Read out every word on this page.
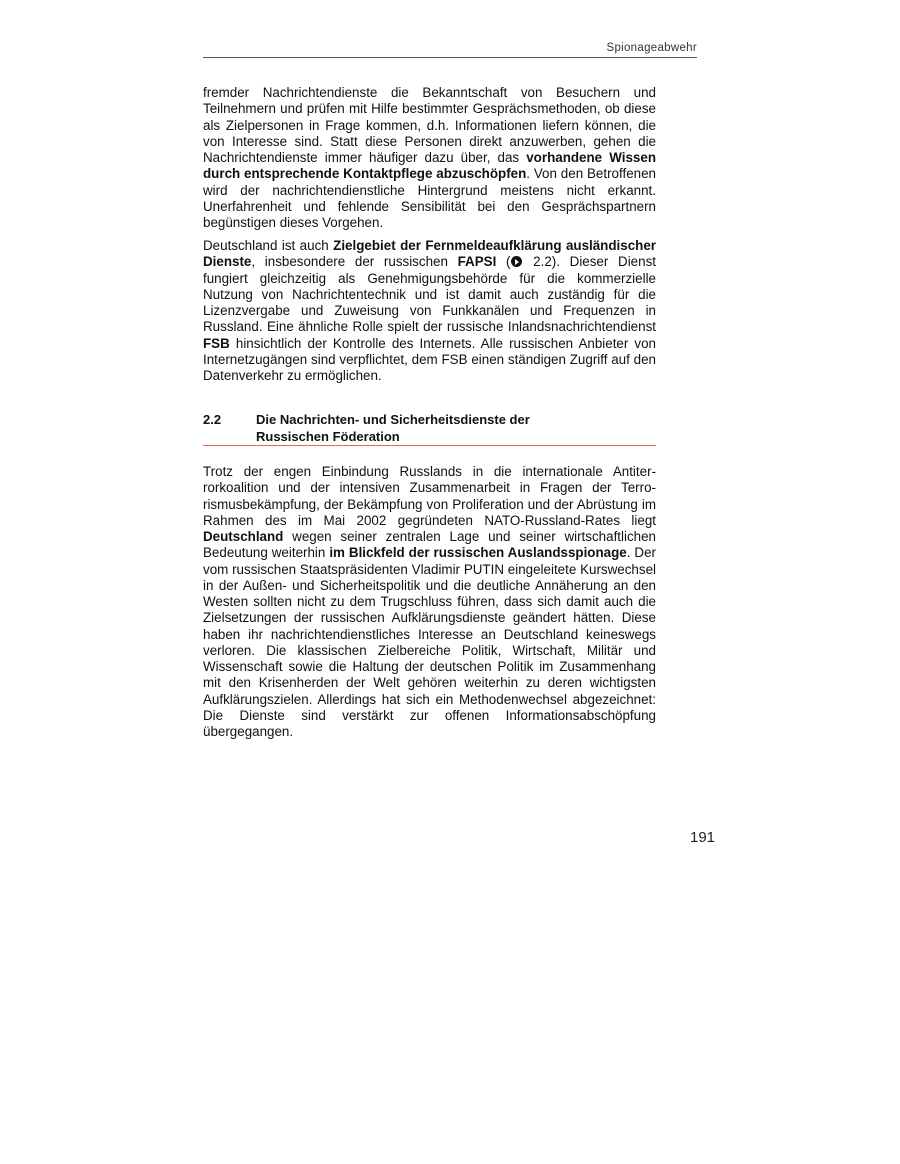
Spionageabwehr

fremder Nachrichtendienste die Bekanntschaft von Besuchern und Teilnehmern und prüfen mit Hilfe bestimmter Gesprächsmethoden, ob diese als Zielpersonen in Frage kommen, d.h. Informationen liefern können, die von Interesse sind. Statt diese Personen direkt anzuwerben, gehen die Nachrichtendienste immer häufiger dazu über, das vorhandene Wissen durch entsprechende Kontaktpflege abzuschöpfen. Von den Betroffenen wird der nachrichtendienstliche Hintergrund meistens nicht erkannt. Unerfahrenheit und fehlende Sensibilität bei den Gesprächspartnern begünstigen dieses Vorgehen.

Deutschland ist auch Zielgebiet der Fernmeldeaufklärung ausländischer Dienste, insbesondere der russischen FAPSI ( 2.2). Dieser Dienst fungiert gleichzeitig als Genehmigungsbehörde für die kommerzielle Nutzung von Nachrichtentechnik und ist damit auch zuständig für die Lizenzvergabe und Zuweisung von Funkkanälen und Frequenzen in Russland. Eine ähnliche Rolle spielt der russische Inlandsnachrichtendienst FSB hinsichtlich der Kontrolle des Internets. Alle russischen Anbieter von Internetzugängen sind verpflichtet, dem FSB einen ständigen Zugriff auf den Datenverkehr zu ermöglichen.

2.2	Die Nachrichten- und Sicherheitsdienste der
Russischen Föderation

Trotz der engen Einbindung Russlands in die internationale Antiterrorkoalition und der intensiven Zusammenarbeit in Fragen der Terrorismusbekämpfung, der Bekämpfung von Proliferation und der Abrüstung im Rahmen des im Mai 2002 gegründeten NATO-Russland-Rates liegt Deutschland wegen seiner zentralen Lage und seiner wirtschaftlichen Bedeutung weiterhin im Blickfeld der russischen Auslandsspionage. Der vom russischen Staatspräsidenten Vladimir PUTIN eingeleitete Kurswechsel in der Außen- und Sicherheitspolitik und die deutliche Annäherung an den Westen sollten nicht zu dem Trugschluss führen, dass sich damit auch die Zielsetzungen der russischen Aufklärungsdienste geändert hätten. Diese haben ihr nachrichtendienstliches Interesse an Deutschland keineswegs verloren. Die klassischen Zielbereiche Politik, Wirtschaft, Militär und Wissenschaft sowie die Haltung der deutschen Politik im Zusammenhang mit den Krisenherden der Welt gehören weiterhin zu deren wichtigsten Aufklärungszielen. Allerdings hat sich ein Methodenwechsel abgezeichnet: Die Dienste sind verstärkt zur offenen Informationsabschöpfung übergegangen.

191
